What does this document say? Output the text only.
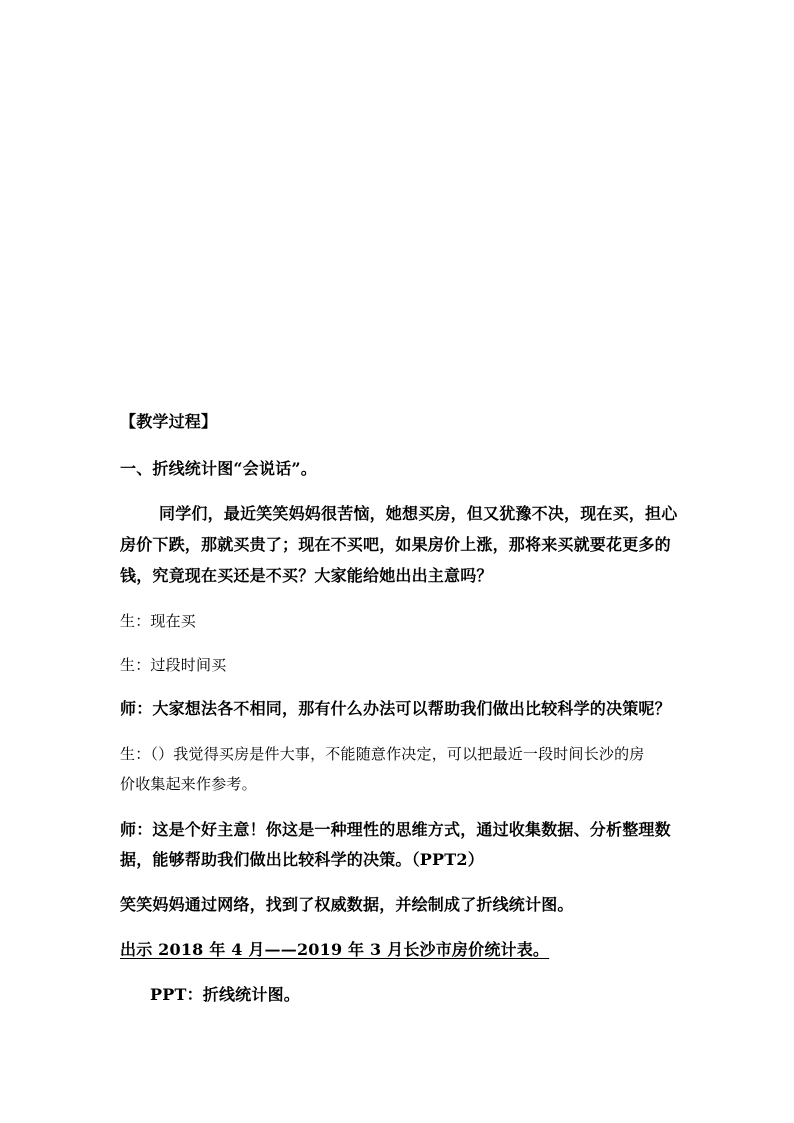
【教学过程】
一、折线统计图“会说话”。
同学们，最近笑笑妈妈很苦恼，她想买房，但又犹豫不决，现在买，担心
房价下跌，那就买贵了；现在不买吧，如果房价上涨，那将来买就要花更多的
钱，究竟现在买还是不买？大家能给她出出主意吗？
生：现在买
生：过段时间买
师：大家想法各不相同，那有什么办法可以帮助我们做出比较科学的决策呢？
生：（）我觉得买房是件大事，不能随意作决定，可以把最近一段时间长沙的房
价收集起来作参考。
师：这是个好主意！你这是一种理性的思维方式，通过收集数据、分析整理数
据，能够帮助我们做出比较科学的决策。（PPT2）
笑笑妈妈通过网络，找到了权威数据，并绘制成了折线统计图。
出示 2018 年 4 月——2019 年 3 月长沙市房价统计表。
PPT：折线统计图。
